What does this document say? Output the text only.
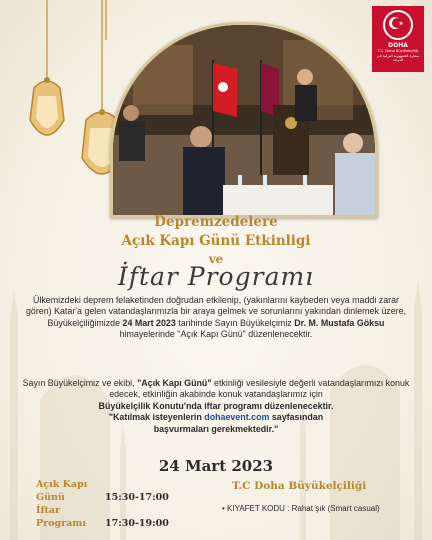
DOHA
T.C. Doha Büyükelçiliği سفارة الجمهورية التركية في الدوحة
Depremzedelere
Açık Kapı Günü Etkinligi
ve
İftar Programı
Ülkemizdeki deprem felaketinden doğrudan etkilenip, (yakınlarını kaybeden veya maddi zarar gören) Katar'a gelen vatandaşlarımızla bir araya gelmek ve sorunlarını yakından dinlemek üzere, Büyükelçiliğimizde 24 Mart 2023 tarihinde Sayın Büyükelçimiz Dr. M. Mustafa Göksu himayelerinde "Açık Kapı Günü" düzenlenecektir.
Sayın Büyükelçimiz ve ekibi, "Açık Kapı Günü" etkinliği vesilesiyle değerli vatandaşlarımızı konuk edecek, etkinliğin akabinde konuk vatandaşlarımız için
Büyükelçilik Konutu'nda iftar programı düzenlenecektir.
"Katılmak isteyenlerin dohaevent.com sayfasından
başvurmaları gerekmektedir."
24 Mart 2023
Açık Kapı Günü	15:30-17:00
İftar Programı 17:30-19:00
T.C Doha Büyükelçiliği
• KIYAFET KODU : Rahat şık (Smart casual)
